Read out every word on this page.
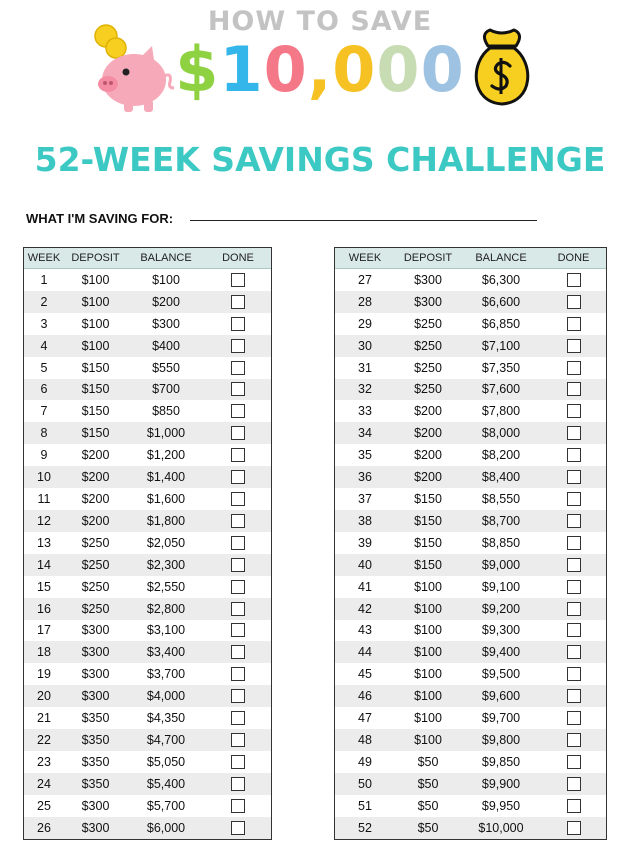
HOW TO SAVE
$10,000
52-WEEK SAVINGS CHALLENGE
WHAT I'M SAVING FOR:
WEEK	DEPOSIT	BALANCE	DONE
1	$100	$100
2	$100	$200
3	$100	$300
4	$100	$400
5	$150	$550
6	$150	$700
7	$150	$850
8	$150	$1,000
9	$200	$1,200
10	$200	$1,400
11	$200	$1,600
12	$200	$1,800
13	$250	$2,050
14	$250	$2,300
15	$250	$2,550
16	$250	$2,800
17	$300	$3,100
18	$300	$3,400
19	$300	$3,700
20	$300	$4,000
21	$350	$4,350
22	$350	$4,700
23	$350	$5,050
24	$350	$5,400
25	$300	$5,700
26	$300	$6,000
WEEK	DEPOSIT	BALANCE	DONE
27	$300	$6,300
28	$300	$6,600
29	$250	$6,850
30	$250	$7,100
31	$250	$7,350
32	$250	$7,600
33	$200	$7,800
34	$200	$8,000
35	$200	$8,200
36	$200	$8,400
37	$150	$8,550
38	$150	$8,700
39	$150	$8,850
40	$150	$9,000
41	$100	$9,100
42	$100	$9,200
43	$100	$9,300
44	$100	$9,400
45	$100	$9,500
46	$100	$9,600
47	$100	$9,700
48	$100	$9,800
49	$50	$9,850
50	$50	$9,900
51	$50	$9,950
52	$50	$10,000
